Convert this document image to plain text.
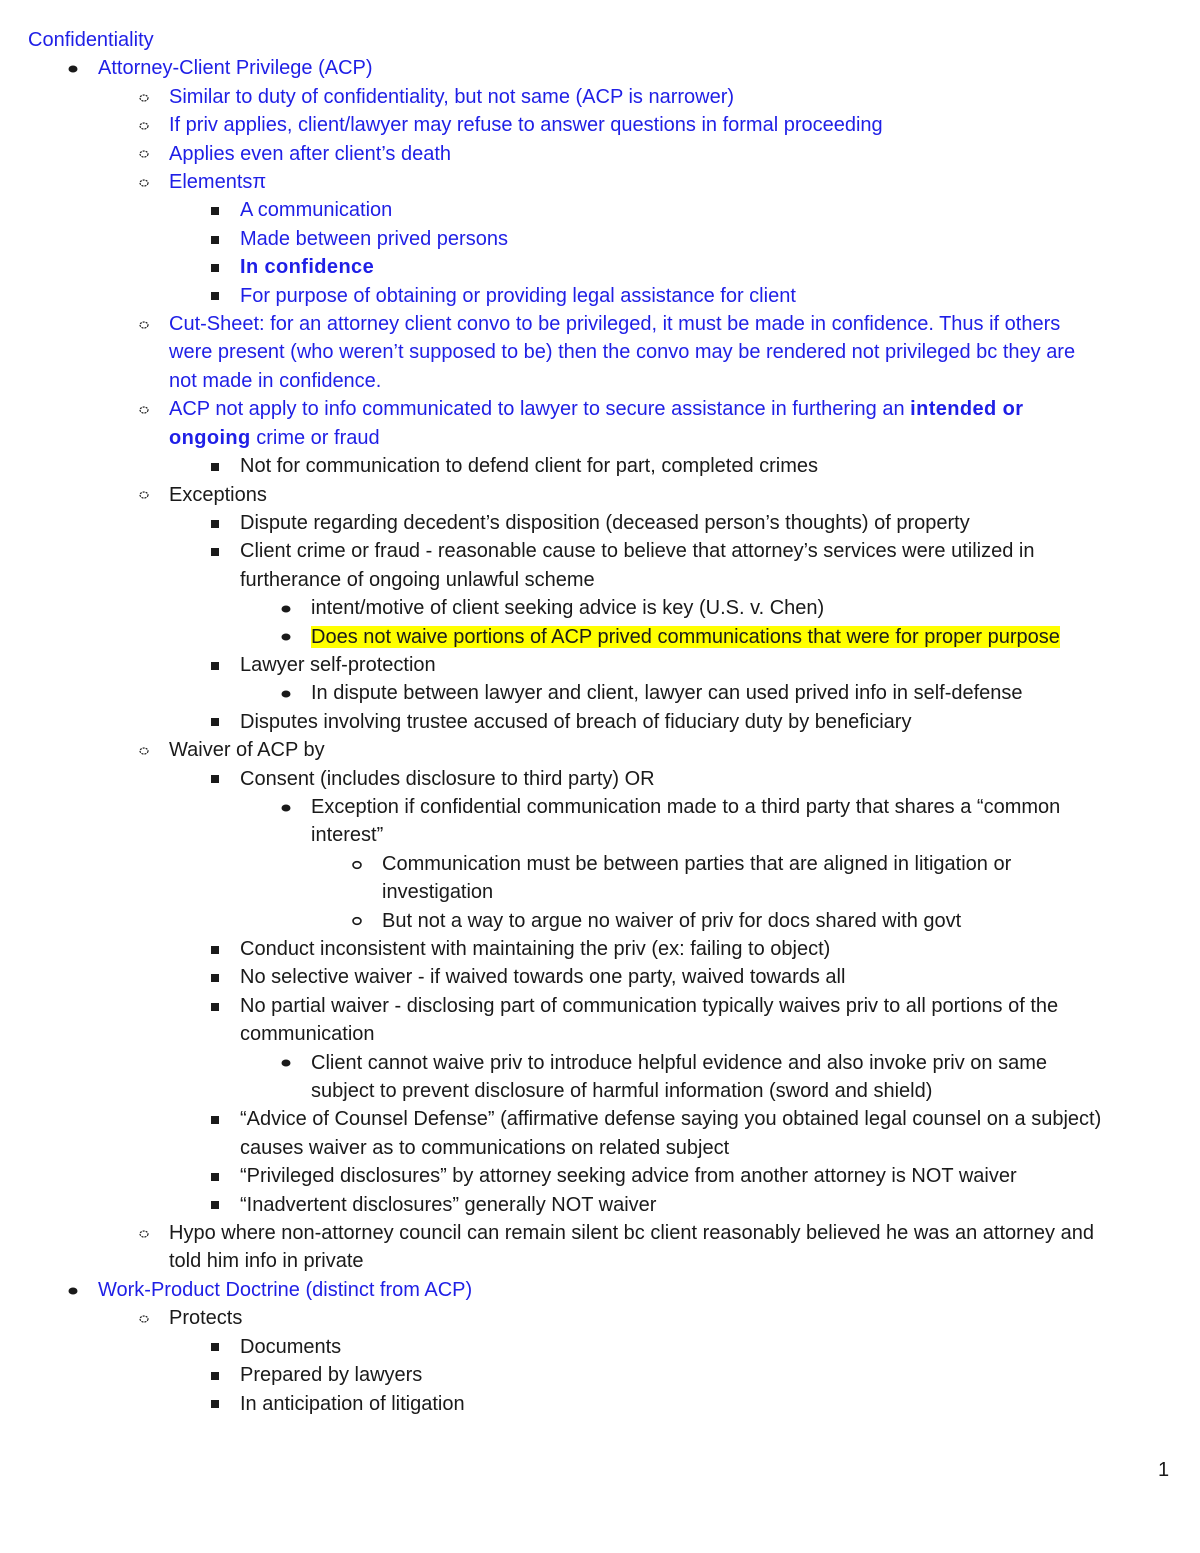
Confidentiality
Attorney-Client Privilege (ACP)
Similar to duty of confidentiality, but not same (ACP is narrower)
If priv applies, client/lawyer may refuse to answer questions in formal proceeding
Applies even after client’s death
Elementsπ
A communication
Made between prived persons
In confidence
For purpose of obtaining or providing legal assistance for client
Cut-Sheet: for an attorney client convo to be privileged, it must be made in confidence. Thus if others
were present (who weren’t supposed to be) then the convo may be rendered not privileged bc they are
not made in confidence.
ACP not apply to info communicated to lawyer to secure assistance in furthering an intended or
ongoing crime or fraud
Not for communication to defend client for part, completed crimes
Exceptions
Dispute regarding decedent’s disposition (deceased person’s thoughts) of property
Client crime or fraud - reasonable cause to believe that attorney’s services were utilized in
furtherance of ongoing unlawful scheme
intent/motive of client seeking advice is key (U.S. v. Chen)
Does not waive portions of ACP prived communications that were for proper purpose
Lawyer self-protection
In dispute between lawyer and client, lawyer can used prived info in self-defense
Disputes involving trustee accused of breach of fiduciary duty by beneficiary
Waiver of ACP by
Consent (includes disclosure to third party) OR
Exception if confidential communication made to a third party that shares a “common
interest”
Communication must be between parties that are aligned in litigation or
investigation
But not a way to argue no waiver of priv for docs shared with govt
Conduct inconsistent with maintaining the priv (ex: failing to object)
No selective waiver - if waived towards one party, waived towards all
No partial waiver - disclosing part of communication typically waives priv to all portions of the
communication
Client cannot waive priv to introduce helpful evidence and also invoke priv on same
subject to prevent disclosure of harmful information (sword and shield)
“Advice of Counsel Defense” (affirmative defense saying you obtained legal counsel on a subject)
causes waiver as to communications on related subject
“Privileged disclosures” by attorney seeking advice from another attorney is NOT waiver
“Inadvertent disclosures” generally NOT waiver
Hypo where non-attorney council can remain silent bc client reasonably believed he was an attorney and
told him info in private
Work-Product Doctrine (distinct from ACP)
Protects
Documents
Prepared by lawyers
In anticipation of litigation
1
